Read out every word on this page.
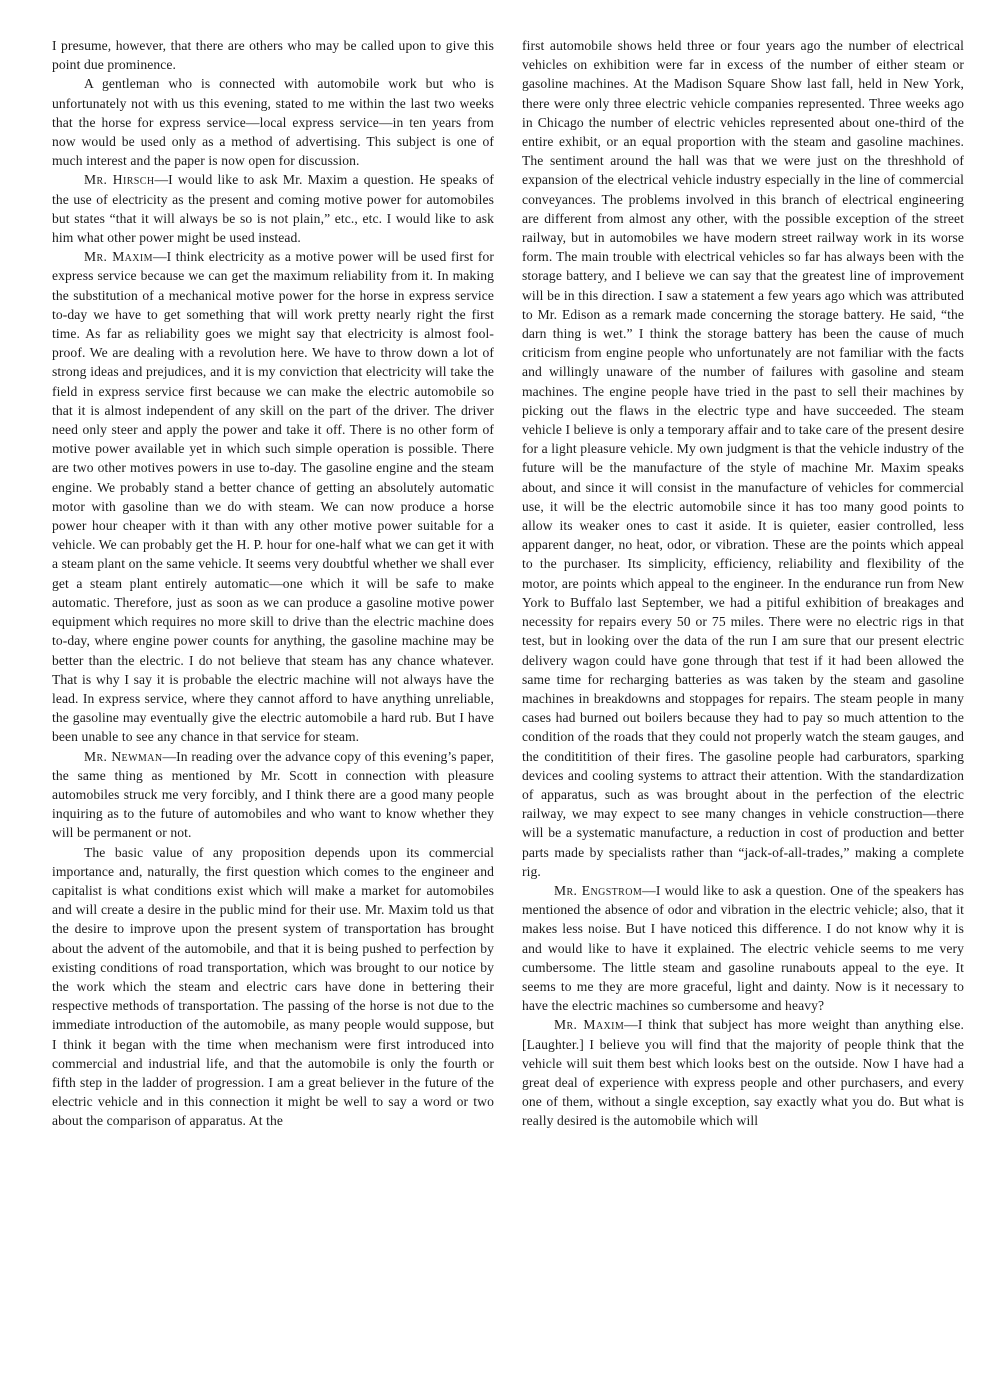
I presume, however, that there are others who may be called upon to give this point due prominence.

A gentleman who is connected with automobile work but who is unfortunately not with us this evening, stated to me within the last two weeks that the horse for express service—local express service—in ten years from now would be used only as a method of advertising. This subject is one of much interest and the paper is now open for discussion.

Mr. Hirsch—I would like to ask Mr. Maxim a question. He speaks of the use of electricity as the present and coming motive power for automobiles but states “that it will always be so is not plain,” etc., etc. I would like to ask him what other power might be used instead.

Mr. Maxim—I think electricity as a motive power will be used first for express service because we can get the maximum reliability from it. In making the substitution of a mechanical motive power for the horse in express service to-day we have to get something that will work pretty nearly right the first time. As far as reliability goes we might say that electricity is almost fool-proof. We are dealing with a revolution here. We have to throw down a lot of strong ideas and prejudices, and it is my conviction that electricity will take the field in express service first because we can make the electric automobile so that it is almost independent of any skill on the part of the driver. The driver need only steer and apply the power and take it off. There is no other form of motive power available yet in which such simple operation is possible. There are two other motives powers in use to-day. The gasoline engine and the steam engine. We probably stand a better chance of getting an absolutely automatic motor with gasoline than we do with steam. We can now produce a horse power hour cheaper with it than with any other motive power suitable for a vehicle. We can probably get the H. P. hour for one-half what we can get it with a steam plant on the same vehicle. It seems very doubtful whether we shall ever get a steam plant entirely automatic—one which it will be safe to make automatic. Therefore, just as soon as we can produce a gasoline motive power equipment which requires no more skill to drive than the electric machine does to-day, where engine power counts for anything, the gasoline machine may be better than the electric. I do not believe that steam has any chance whatever. That is why I say it is probable the electric machine will not always have the lead. In express service, where they cannot afford to have anything unreliable, the gasoline may eventually give the electric automobile a hard rub. But I have been unable to see any chance in that service for steam.

Mr. Newman—In reading over the advance copy of this evening’s paper, the same thing as mentioned by Mr. Scott in connection with pleasure automobiles struck me very forcibly, and I think there are a good many people inquiring as to the future of automobiles and who want to know whether they will be permanent or not.

The basic value of any proposition depends upon its commercial importance and, naturally, the first question which comes to the engineer and capitalist is what conditions exist which will make a market for automobiles and will create a desire in the public mind for their use. Mr. Maxim told us that the desire to improve upon the present system of transportation has brought about the advent of the automobile, and that it is being pushed to perfection by existing conditions of road transportation, which was brought to our notice by the work which the steam and electric cars have done in bettering their respective methods of transportation. The passing of the horse is not due to the immediate introduction of the automobile, as many people would suppose, but I think it began with the time when mechanism were first introduced into commercial and industrial life, and that the automobile is only the fourth or fifth step in the ladder of progression. I am a great believer in the future of the electric vehicle and in this connection it might be well to say a word or two about the comparison of apparatus. At the

first automobile shows held three or four years ago the number of electrical vehicles on exhibition were far in excess of the number of either steam or gasoline machines. At the Madison Square Show last fall, held in New York, there were only three electric vehicle companies represented. Three weeks ago in Chicago the number of electric vehicles represented about one-third of the entire exhibit, or an equal proportion with the steam and gasoline machines. The sentiment around the hall was that we were just on the threshhold of expansion of the electrical vehicle industry especially in the line of commercial conveyances. The problems involved in this branch of electrical engineering are different from almost any other, with the possible exception of the street railway, but in automobiles we have modern street railway work in its worse form. The main trouble with electrical vehicles so far has always been with the storage battery, and I believe we can say that the greatest line of improvement will be in this direction. I saw a statement a few years ago which was attributed to Mr. Edison as a remark made concerning the storage battery. He said, “the darn thing is wet.” I think the storage battery has been the cause of much criticism from engine people who unfortunately are not familiar with the facts and willingly unaware of the number of failures with gasoline and steam machines. The engine people have tried in the past to sell their machines by picking out the flaws in the electric type and have succeeded. The steam vehicle I believe is only a temporary affair and to take care of the present desire for a light pleasure vehicle. My own judgment is that the vehicle industry of the future will be the manufacture of the style of machine Mr. Maxim speaks about, and since it will consist in the manufacture of vehicles for commercial use, it will be the electric automobile since it has too many good points to allow its weaker ones to cast it aside. It is quieter, easier controlled, less apparent danger, no heat, odor, or vibration. These are the points which appeal to the purchaser. Its simplicity, efficiency, reliability and flexibility of the motor, are points which appeal to the engineer. In the endurance run from New York to Buffalo last September, we had a pitiful exhibition of breakages and necessity for repairs every 50 or 75 miles. There were no electric rigs in that test, but in looking over the data of the run I am sure that our present electric delivery wagon could have gone through that test if it had been allowed the same time for recharging batteries as was taken by the steam and gasoline machines in breakdowns and stoppages for repairs. The steam people in many cases had burned out boilers because they had to pay so much attention to the condition of the roads that they could not properly watch the steam gauges, and the condititition of their fires. The gasoline people had carburators, sparking devices and cooling systems to attract their attention. With the standardization of apparatus, such as was brought about in the perfection of the electric railway, we may expect to see many changes in vehicle construction—there will be a systematic manufacture, a reduction in cost of production and better parts made by specialists rather than “jack-of-all-trades,” making a complete rig.

Mr. Engstrom—I would like to ask a question. One of the speakers has mentioned the absence of odor and vibration in the electric vehicle; also, that it makes less noise. But I have noticed this difference. I do not know why it is and would like to have it explained. The electric vehicle seems to me very cumbersome. The little steam and gasoline runabouts appeal to the eye. It seems to me they are more graceful, light and dainty. Now is it necessary to have the electric machines so cumbersome and heavy?

Mr. Maxim—I think that subject has more weight than anything else. [Laughter.] I believe you will find that the majority of people think that the vehicle will suit them best which looks best on the outside. Now I have had a great deal of experience with express people and other purchasers, and every one of them, without a single exception, say exactly what you do. But what is really desired is the automobile which will
